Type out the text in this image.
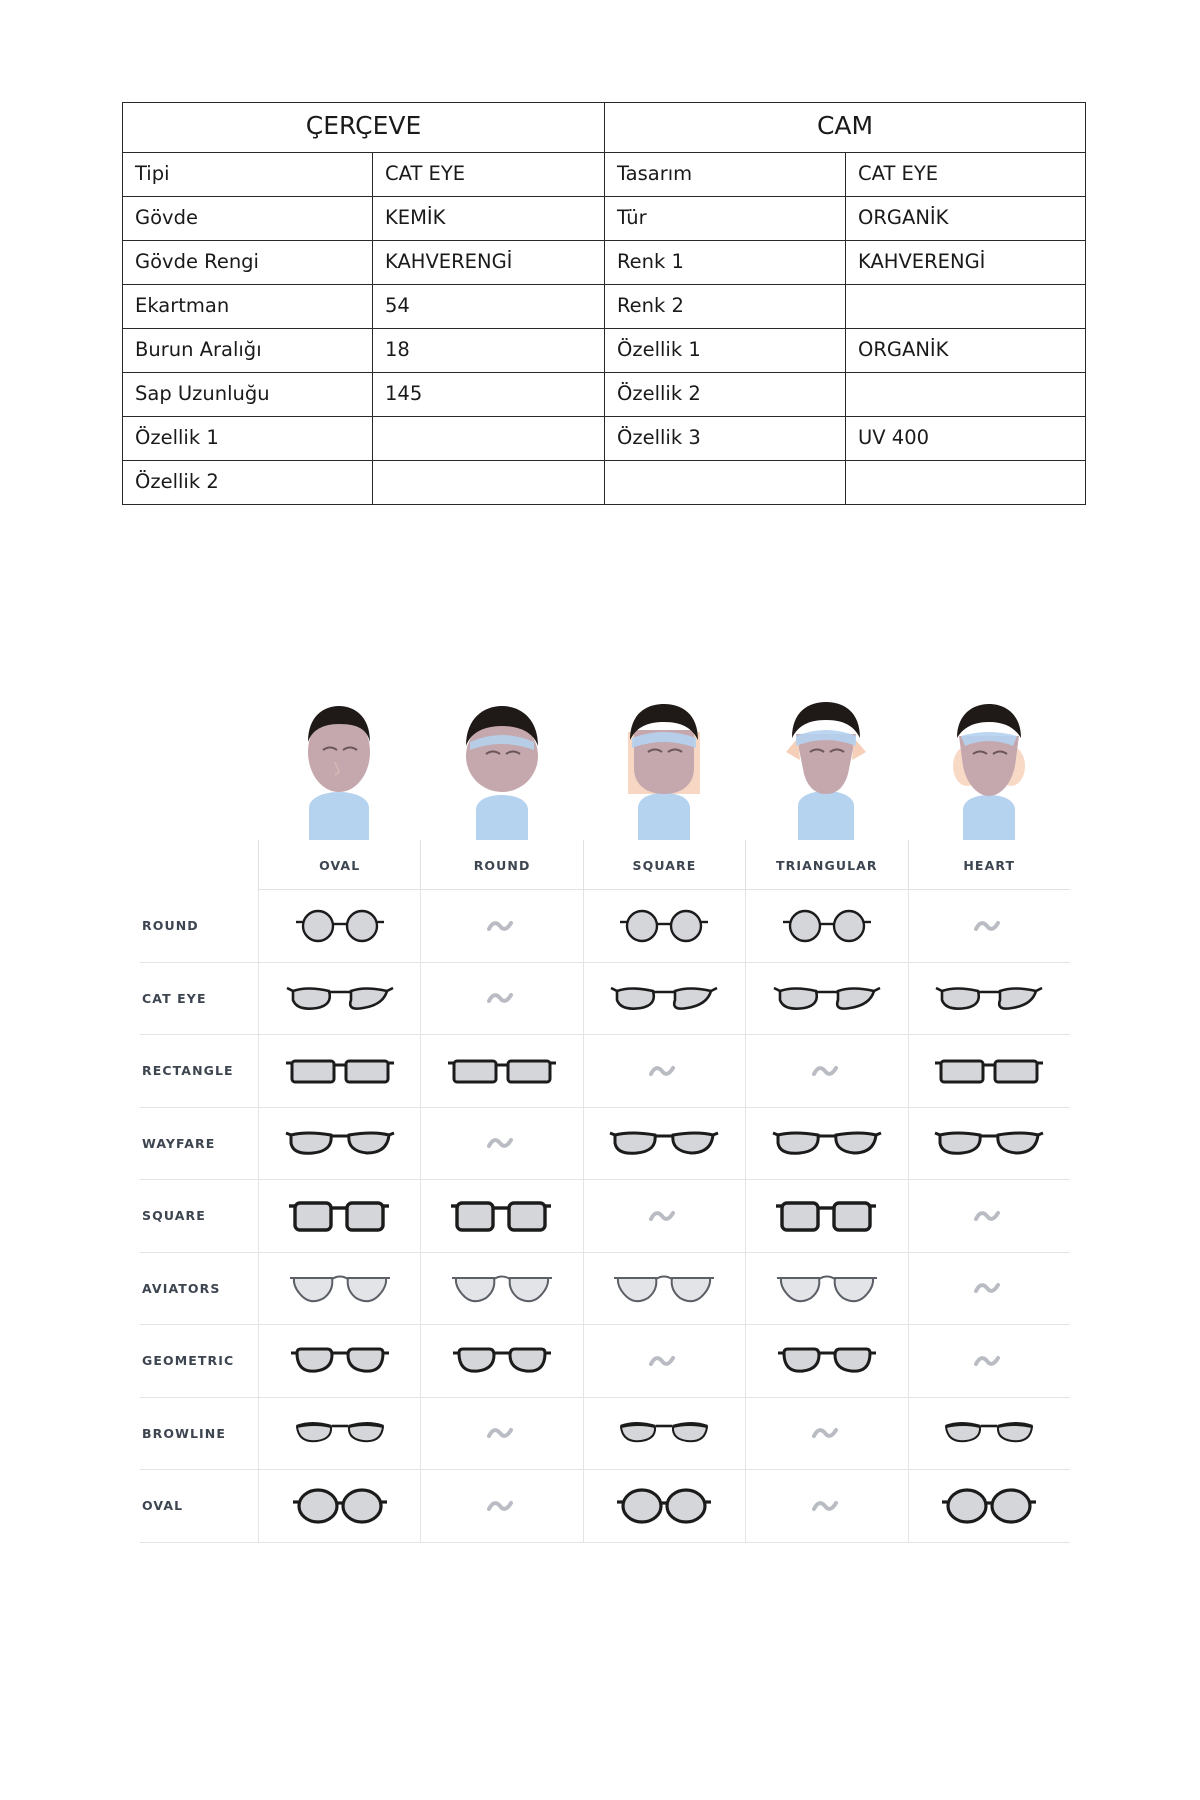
ÇERÇEVE		CAM	
Tipi	CAT EYE	Tasarım	CAT EYE
Gövde	KEMİK	Tür	ORGANİK
Gövde Rengi	KAHVERENGİ	Renk 1	KAHVERENGİ
Ekartman	54	Renk 2	
Burun Aralığı	18	Özellik 1	ORGANİK
Sap Uzunluğu	145	Özellik 2	
Özellik 1		Özellik 3	UV 400
Özellik 2			
OVAL	ROUND	SQUARE	TRIANGULAR	HEART
ROUND
CAT EYE
RECTANGLE
WAYFARE
SQUARE
AVIATORS
GEOMETRIC
BROWLINE
OVAL
